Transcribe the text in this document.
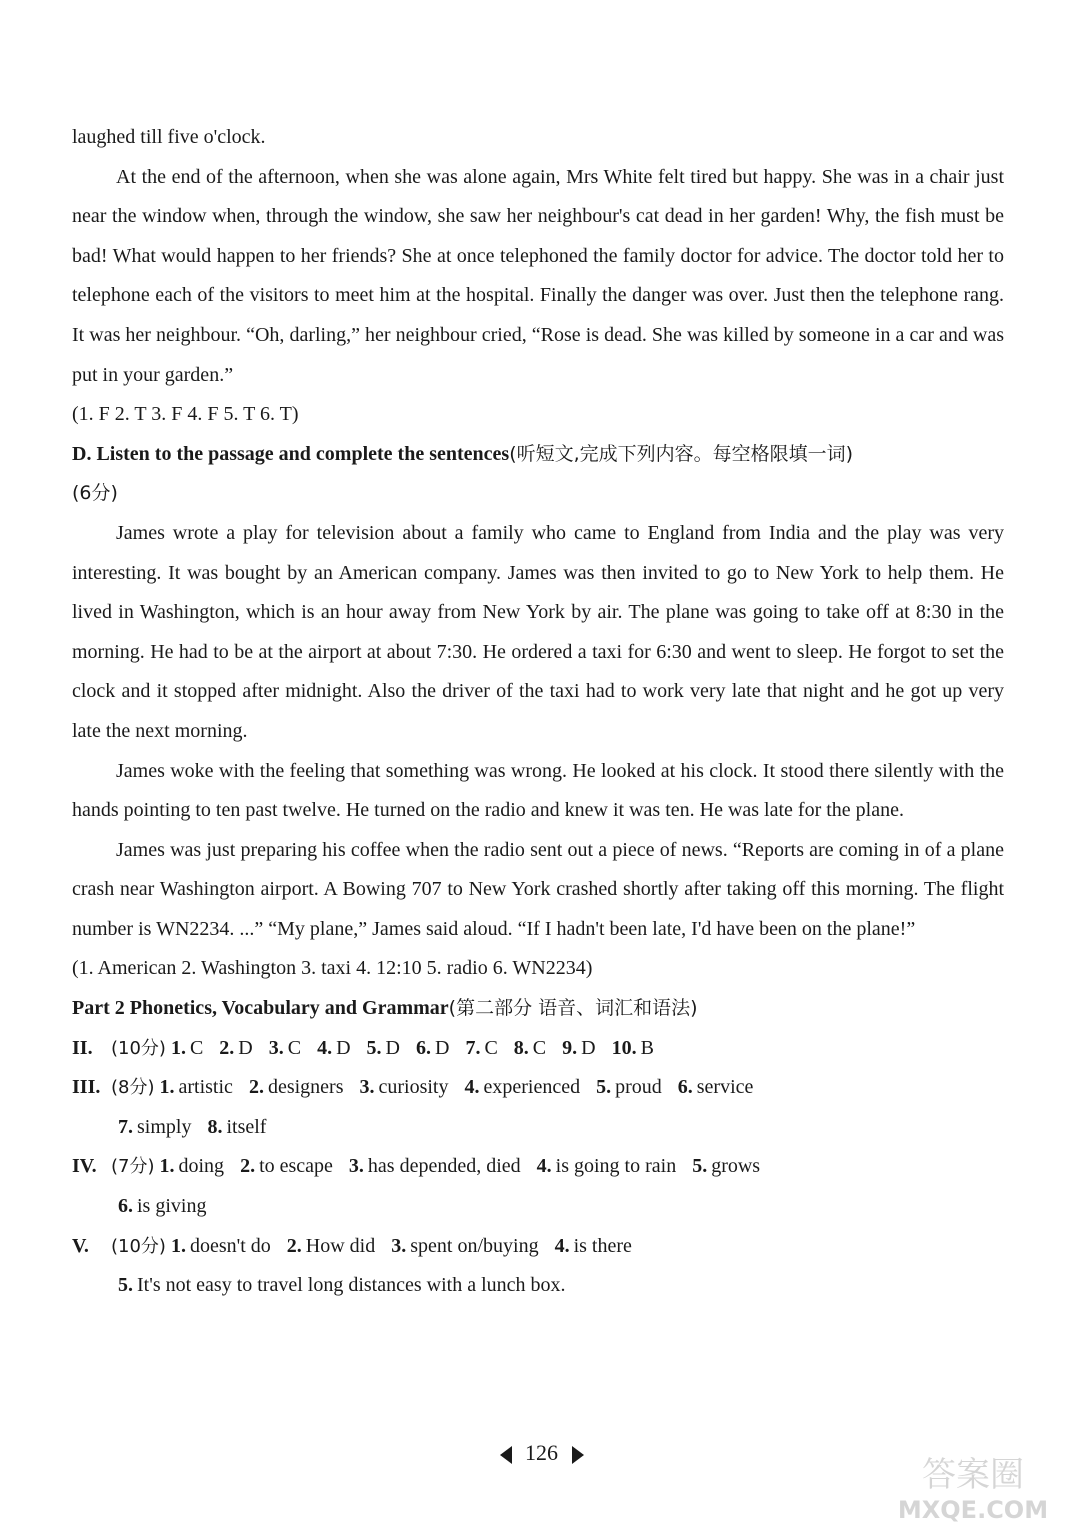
laughed till five o'clock.

At the end of the afternoon, when she was alone again, Mrs White felt tired but happy. She was in a chair just near the window when, through the window, she saw her neighbour's cat dead in her garden! Why, the fish must be bad! What would happen to her friends? She at once telephoned the family doctor for advice. The doctor told her to telephone each of the visitors to meet him at the hospital. Finally the danger was over. Just then the telephone rang. It was her neighbour. “Oh, darling,” her neighbour cried, “Rose is dead. She was killed by someone in a car and was put in your garden.”

(1. F 2. T 3. F 4. F 5. T 6. T)

D. Listen to the passage and complete the sentences(听短文,完成下列内容。每空格限填一词)

(6分)

James wrote a play for television about a family who came to England from India and the play was very interesting. It was bought by an American company. James was then invited to go to New York to help them. He lived in Washington, which is an hour away from New York by air. The plane was going to take off at 8:30 in the morning. He had to be at the airport at about 7:30. He ordered a taxi for 6:30 and went to sleep. He forgot to set the clock and it stopped after midnight. Also the driver of the taxi had to work very late that night and he got up very late the next morning.

James woke with the feeling that something was wrong. He looked at his clock. It stood there silently with the hands pointing to ten past twelve. He turned on the radio and knew it was ten. He was late for the plane.

James was just preparing his coffee when the radio sent out a piece of news. “Reports are coming in of a plane crash near Washington airport. A Bowing 707 to New York crashed shortly after taking off this morning. The flight number is WN2234. ...” “My plane,” James said aloud. “If I hadn't been late, I'd have been on the plane!”

(1. American 2. Washington 3. taxi 4. 12:10 5. radio 6. WN2234)

Part 2 Phonetics, Vocabulary and Grammar(第二部分 语音、词汇和语法)

II. (10分) 1. C 2. D 3. C 4. D 5. D 6. D 7. C 8. C 9. D 10. B

III. (8分) 1. artistic 2. designers 3. curiosity 4. experienced 5. proud 6. service

7. simply 8. itself

IV. (7分) 1. doing 2. to escape 3. has depended, died 4. is going to rain 5. grows

6. is giving

V. (10分) 1. doesn't do 2. How did 3. spent on/buying 4. is there

5. It's not easy to travel long distances with a lunch box.

126
答案圈
MXQE.COM
